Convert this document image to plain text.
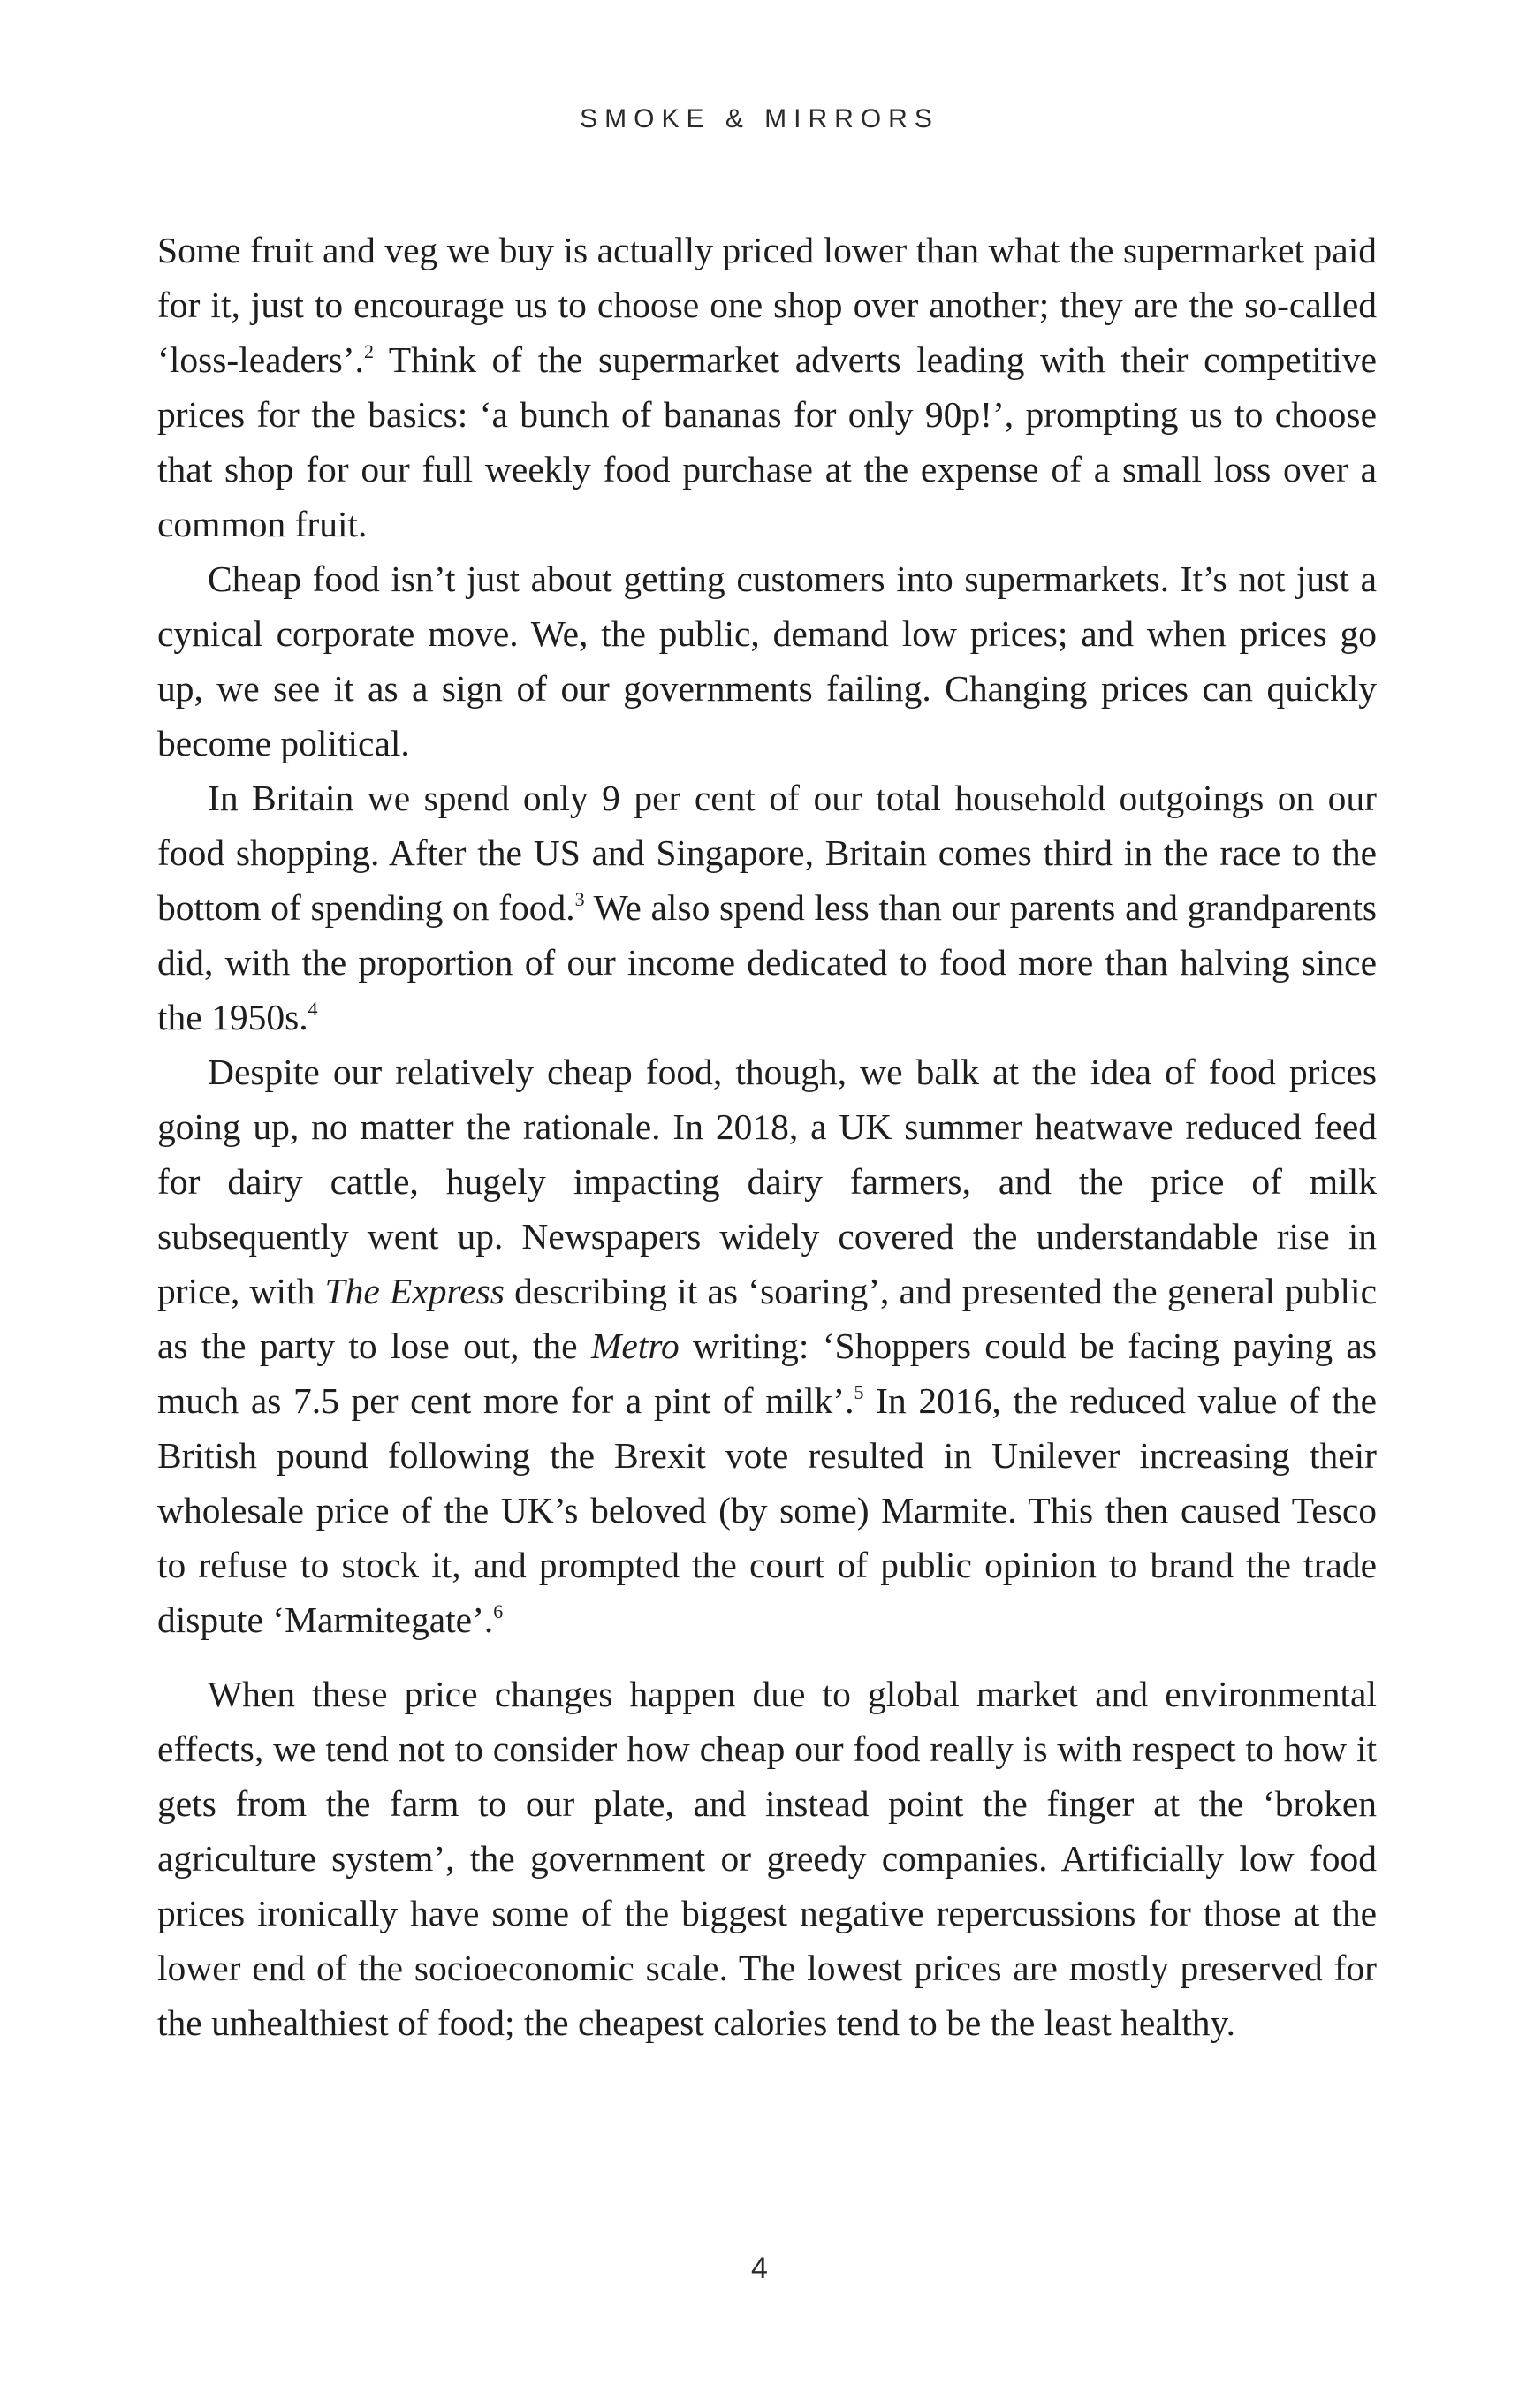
SMOKE & MIRRORS

Some fruit and veg we buy is actually priced lower than what the supermarket paid for it, just to encourage us to choose one shop over another; they are the so-called ‘loss-leaders’.$^2$ Think of the supermarket adverts leading with their competitive prices for the basics: ‘a bunch of bananas for only 90p!’, prompting us to choose that shop for our full weekly food purchase at the expense of a small loss over a common fruit.

Cheap food isn’t just about getting customers into supermarkets. It’s not just a cynical corporate move. We, the public, demand low prices; and when prices go up, we see it as a sign of our governments failing. Changing prices can quickly become political.

In Britain we spend only 9 per cent of our total household outgoings on our food shopping. After the US and Singapore, Britain comes third in the race to the bottom of spending on food.$^3$ We also spend less than our parents and grandparents did, with the proportion of our income dedicated to food more than halving since the 1950s.$^4$

Despite our relatively cheap food, though, we balk at the idea of food prices going up, no matter the rationale. In 2018, a UK summer heatwave reduced feed for dairy cattle, hugely impacting dairy farmers, and the price of milk subsequently went up. Newspapers widely covered the understandable rise in price, with The Express describing it as ‘soaring’, and presented the general public as the party to lose out, the Metro writing: ‘Shoppers could be facing paying as much as 7.5 per cent more for a pint of milk’.$^5$ In 2016, the reduced value of the British pound following the Brexit vote resulted in Unilever increasing their wholesale price of the UK’s beloved (by some) Marmite. This then caused Tesco to refuse to stock it, and prompted the court of public opinion to brand the trade dispute ‘Marmitegate’.$^6$

When these price changes happen due to global market and environmental effects, we tend not to consider how cheap our food really is with respect to how it gets from the farm to our plate, and instead point the finger at the ‘broken agriculture system’, the government or greedy companies. Artificially low food prices ironically have some of the biggest negative repercussions for those at the lower end of the socioeconomic scale. The lowest prices are mostly preserved for the unhealthiest of food; the cheapest calories tend to be the least healthy.

4
